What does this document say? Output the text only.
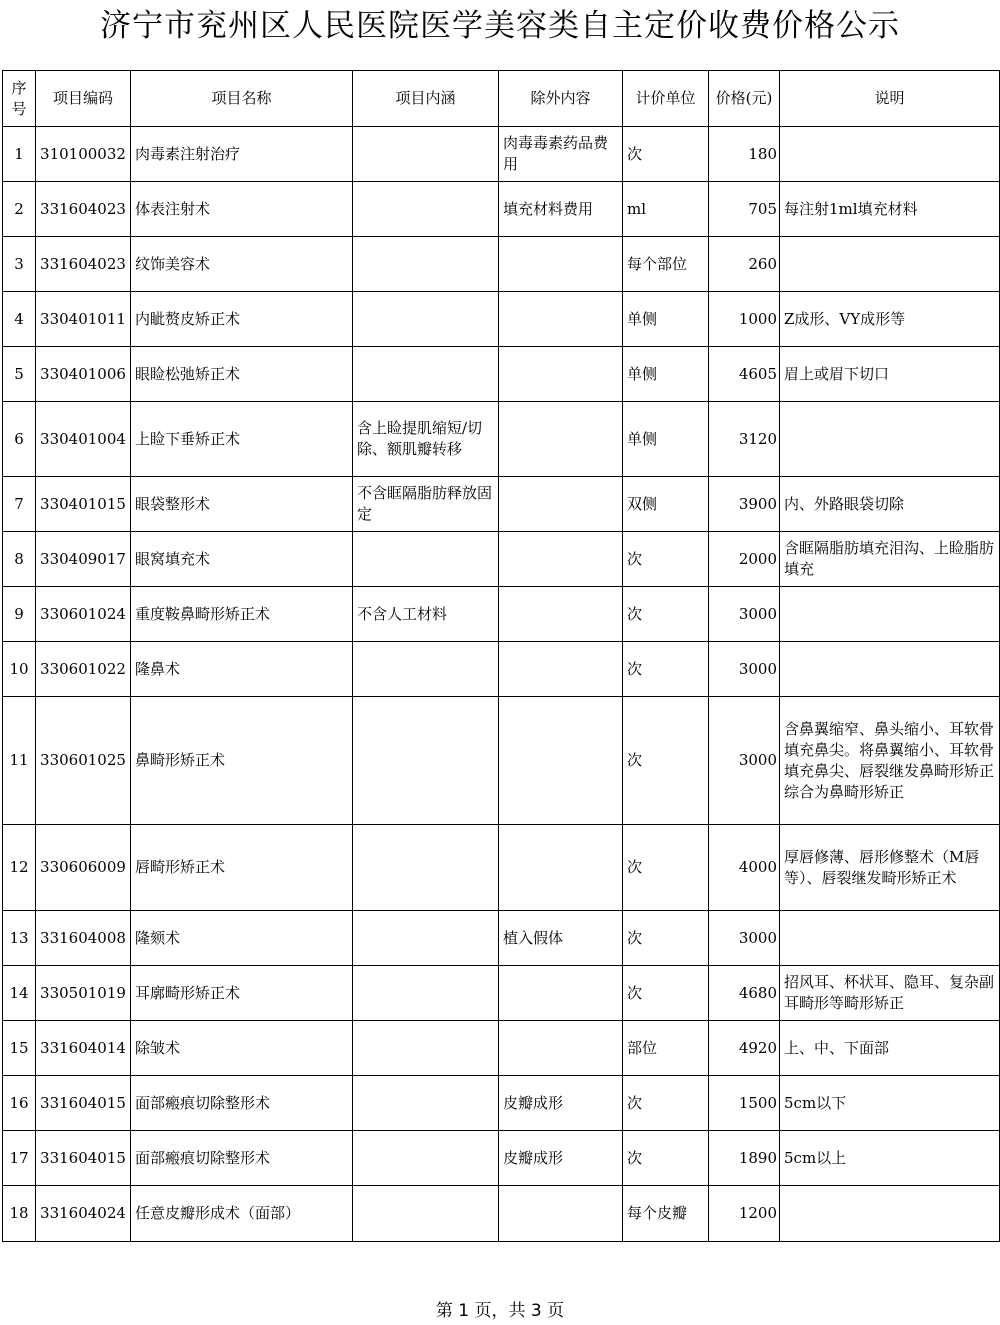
济宁市兖州区人民医院医学美容类自主定价收费价格公示
序号	项目编码	项目名称	项目内涵	除外内容	计价单位	价格(元)	说明
1	310100032	肉毒素注射治疗		肉毒毒素药品费用	次	180	
2	331604023	体表注射术		填充材料费用	ml	705	每注射1ml填充材料
3	331604023	纹饰美容术			每个部位	260	
4	330401011	内眦赘皮矫正术			单侧	1000	Z成形、VY成形等
5	330401006	眼睑松弛矫正术			单侧	4605	眉上或眉下切口
6	330401004	上睑下垂矫正术	含上睑提肌缩短/切除、额肌瓣转移		单侧	3120	
7	330401015	眼袋整形术	不含眶隔脂肪释放固定		双侧	3900	内、外路眼袋切除
8	330409017	眼窝填充术			次	2000	含眶隔脂肪填充泪沟、上睑脂肪填充
9	330601024	重度鞍鼻畸形矫正术	不含人工材料		次	3000	
10	330601022	隆鼻术			次	3000	
11	330601025	鼻畸形矫正术			次	3000	含鼻翼缩窄、鼻头缩小、耳软骨填充鼻尖。将鼻翼缩小、耳软骨填充鼻尖、唇裂继发鼻畸形矫正综合为鼻畸形矫正
12	330606009	唇畸形矫正术			次	4000	厚唇修薄、唇形修整术（M唇等）、唇裂继发畸形矫正术
13	331604008	隆颏术		植入假体	次	3000	
14	330501019	耳廓畸形矫正术			次	4680	招风耳、杯状耳、隐耳、复杂副耳畸形等畸形矫正
15	331604014	除皱术			部位	4920	上、中、下面部
16	331604015	面部瘢痕切除整形术		皮瓣成形	次	1500	5cm以下
17	331604015	面部瘢痕切除整形术		皮瓣成形	次	1890	5cm以上
18	331604024	任意皮瓣形成术（面部）			每个皮瓣	1200	
第 1 页，共 3 页
